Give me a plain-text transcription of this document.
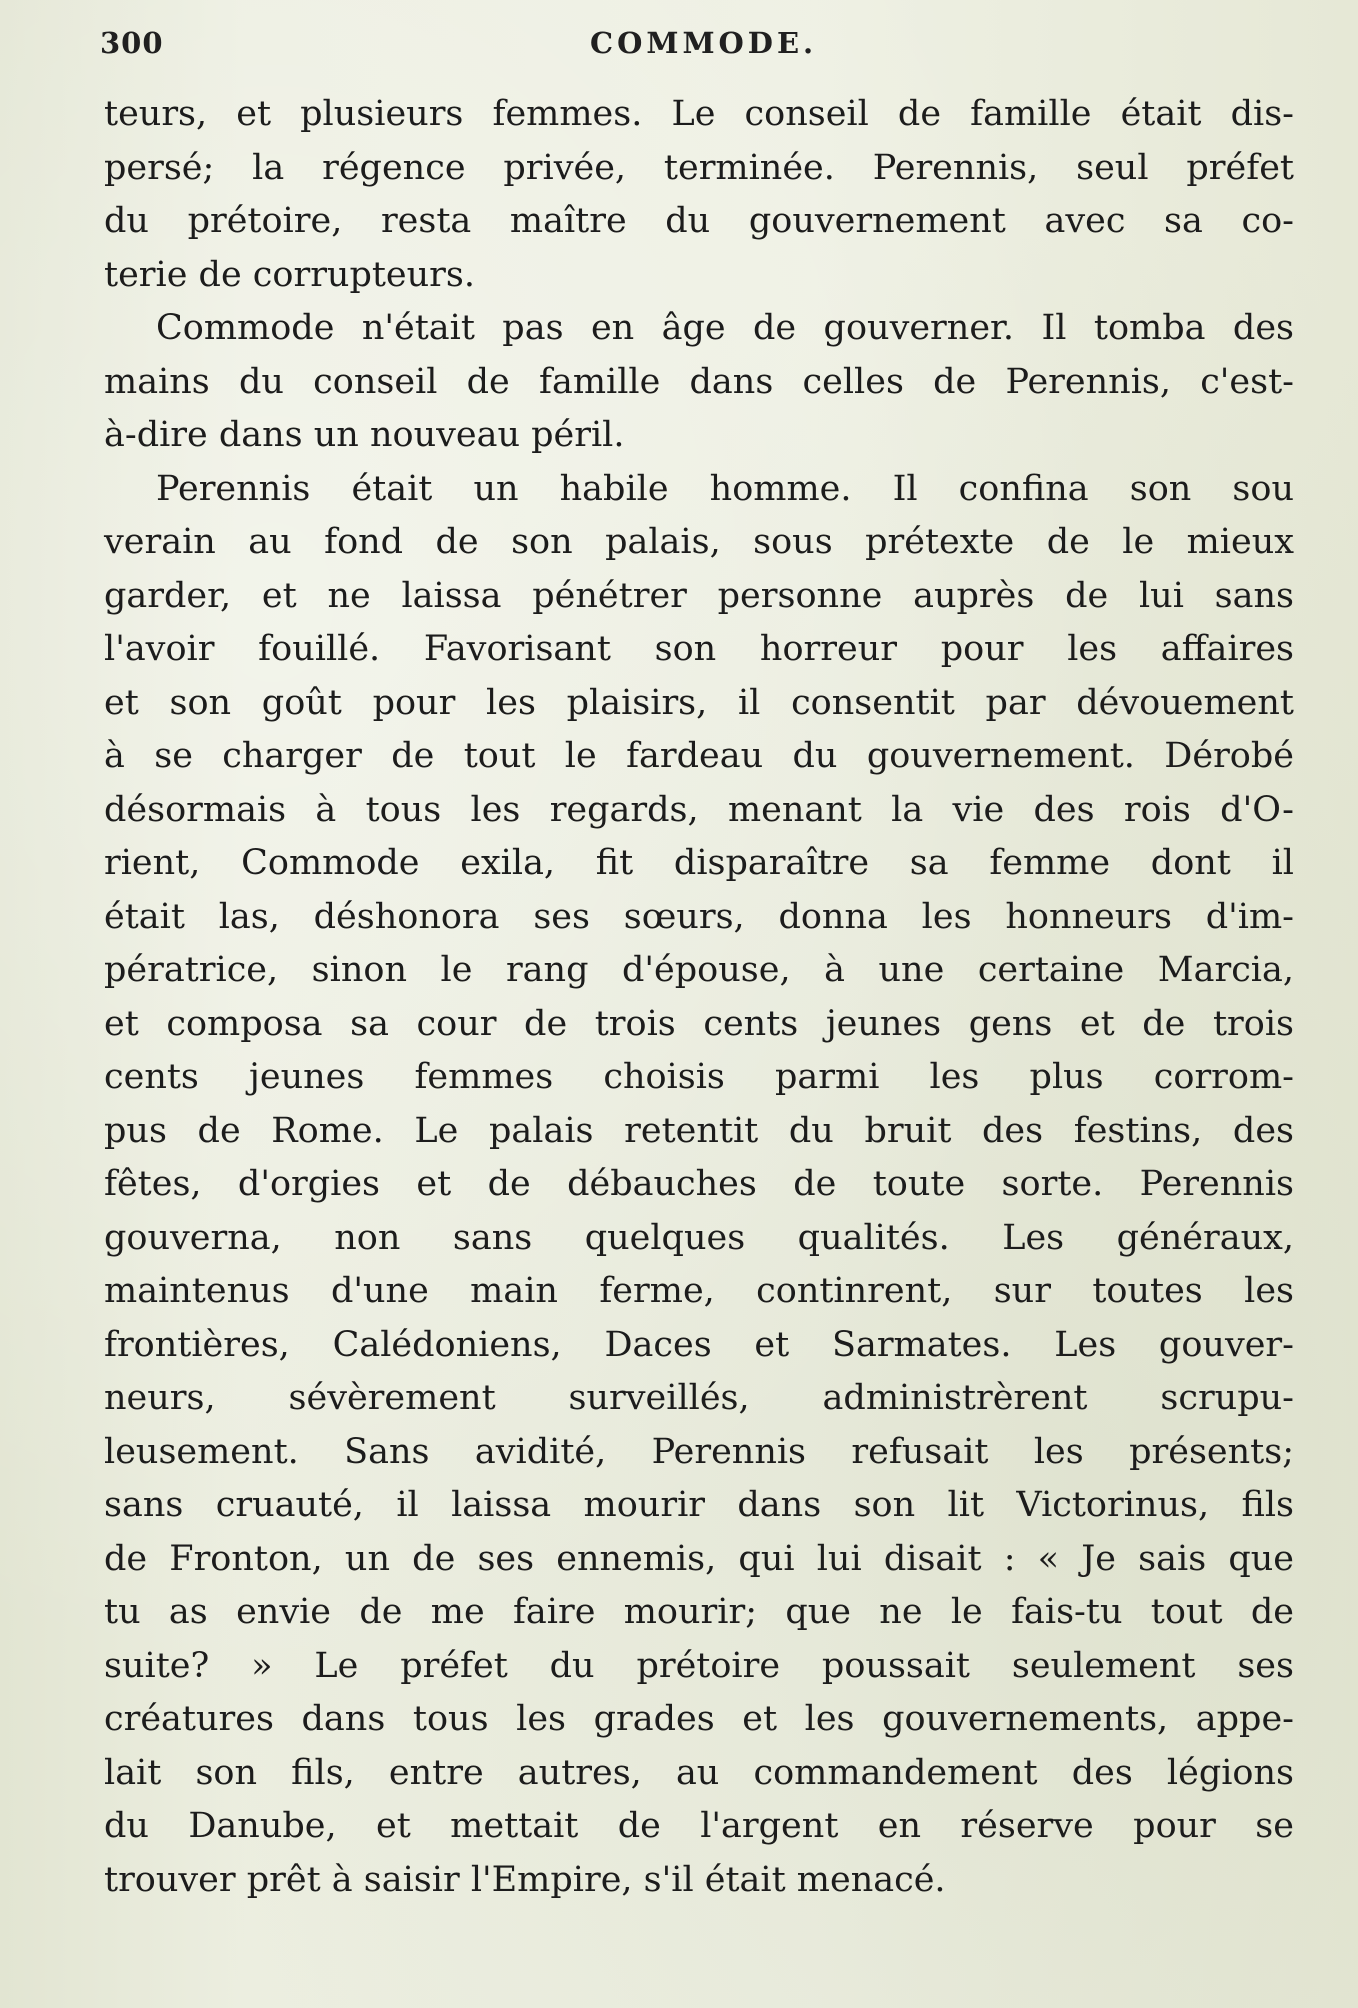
300	COMMODE.
teurs, et plusieurs femmes. Le conseil de famille était dis-
persé; la régence privée, terminée. Perennis, seul préfet
du prétoire, resta maître du gouvernement avec sa co-
terie de corrupteurs.
Commode n'était pas en âge de gouverner. Il tomba des
mains du conseil de famille dans celles de Perennis, c'est-
à-dire dans un nouveau péril.
Perennis était un habile homme. Il confina son sou
verain au fond de son palais, sous prétexte de le mieux
garder, et ne laissa pénétrer personne auprès de lui sans
l'avoir fouillé. Favorisant son horreur pour les affaires
et son goût pour les plaisirs, il consentit par dévouement
à se charger de tout le fardeau du gouvernement. Dérobé
désormais à tous les regards, menant la vie des rois d'O-
rient, Commode exila, fit disparaître sa femme dont il
était las, déshonora ses sœurs, donna les honneurs d'im-
pératrice, sinon le rang d'épouse, à une certaine Marcia,
et composa sa cour de trois cents jeunes gens et de trois
cents jeunes femmes choisis parmi les plus corrom-
pus de Rome. Le palais retentit du bruit des festins, des
fêtes, d'orgies et de débauches de toute sorte. Perennis
gouverna, non sans quelques qualités. Les généraux,
maintenus d'une main ferme, continrent, sur toutes les
frontières, Calédoniens, Daces et Sarmates. Les gouver-
neurs, sévèrement surveillés, administrèrent scrupu-
leusement. Sans avidité, Perennis refusait les présents;
sans cruauté, il laissa mourir dans son lit Victorinus, fils
de Fronton, un de ses ennemis, qui lui disait : « Je sais que
tu as envie de me faire mourir; que ne le fais-tu tout de
suite? » Le préfet du prétoire poussait seulement ses
créatures dans tous les grades et les gouvernements, appe-
lait son fils, entre autres, au commandement des légions
du Danube, et mettait de l'argent en réserve pour se
trouver prêt à saisir l'Empire, s'il était menacé.
